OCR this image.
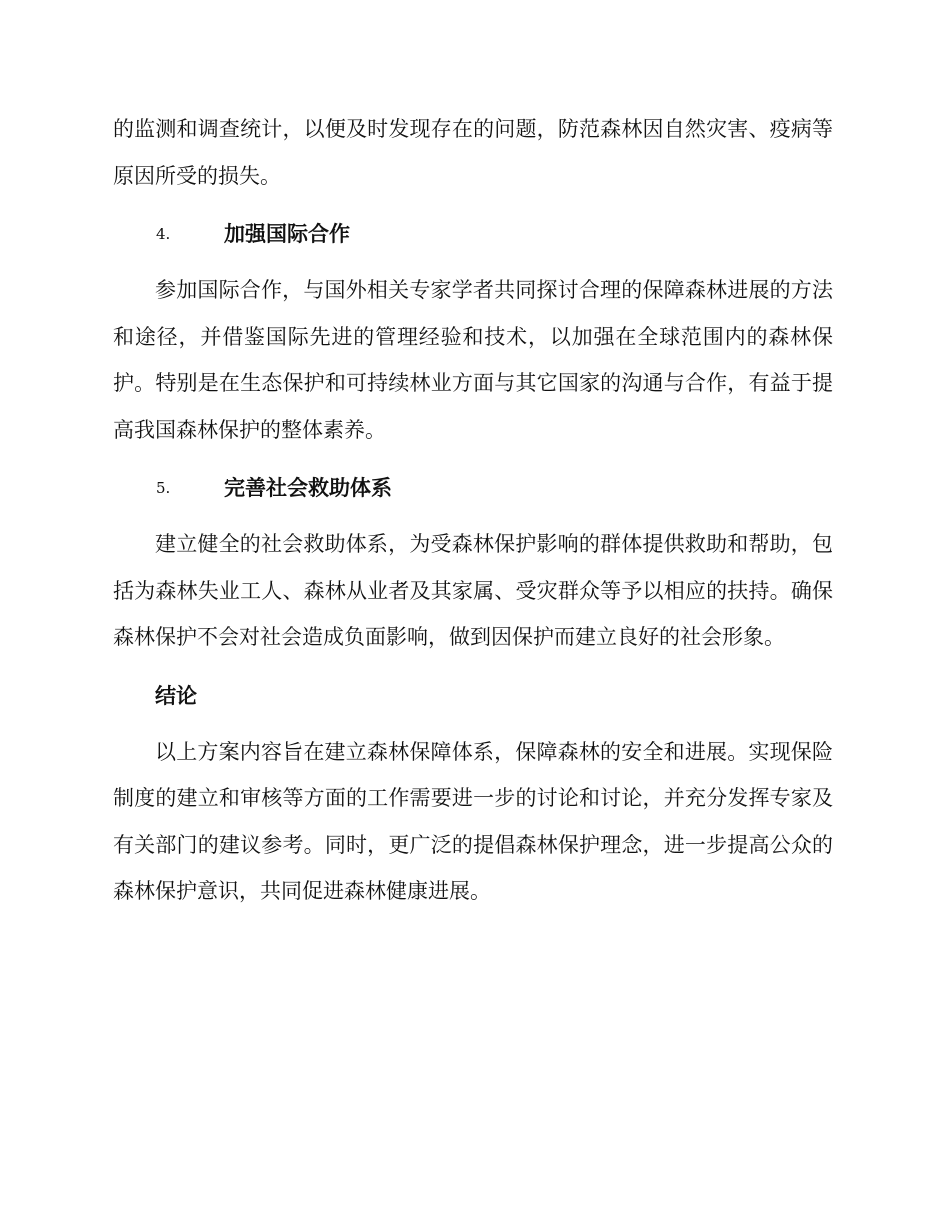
的监测和调查统计，以便及时发现存在的问题，防范森林因自然灾害、疫病等原因所受的损失。

4.	加强国际合作

参加国际合作，与国外相关专家学者共同探讨合理的保障森林进展的方法和途径，并借鉴国际先进的管理经验和技术，以加强在全球范围内的森林保护。特别是在生态保护和可持续林业方面与其它国家的沟通与合作，有益于提高我国森林保护的整体素养。

5.	完善社会救助体系

建立健全的社会救助体系，为受森林保护影响的群体提供救助和帮助，包括为森林失业工人、森林从业者及其家属、受灾群众等予以相应的扶持。确保森林保护不会对社会造成负面影响，做到因保护而建立良好的社会形象。

结论

以上方案内容旨在建立森林保障体系，保障森林的安全和进展。实现保险制度的建立和审核等方面的工作需要进一步的讨论和讨论，并充分发挥专家及有关部门的建议参考。同时，更广泛的提倡森林保护理念，进一步提高公众的森林保护意识，共同促进森林健康进展。
